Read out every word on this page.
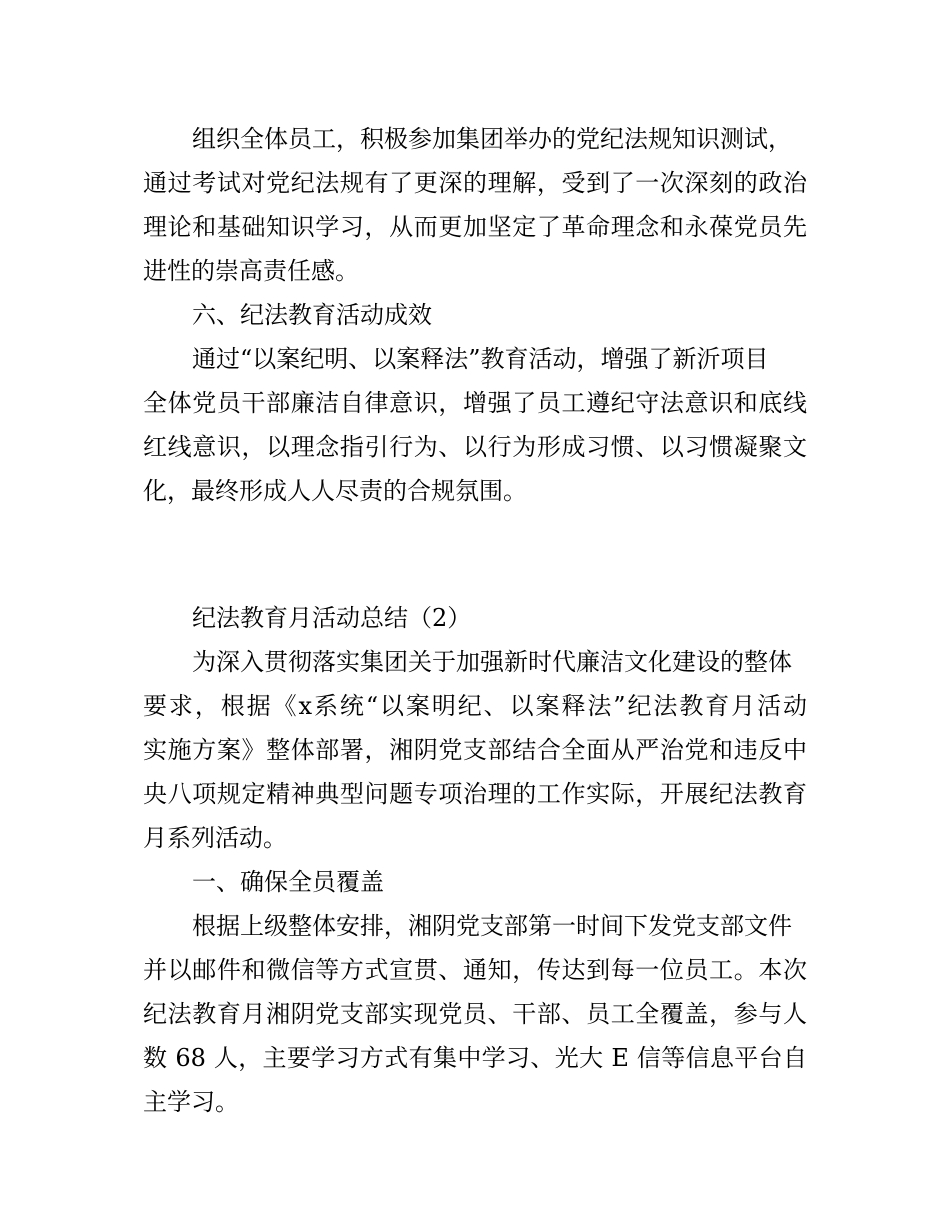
组织全体员工，积极参加集团举办的党纪法规知识测试，

通过考试对党纪法规有了更深的理解，受到了一次深刻的政治

理论和基础知识学习，从而更加坚定了革命理念和永葆党员先

进性的崇高责任感。

六、纪法教育活动成效

通过“以案纪明、以案释法”教育活动，增强了新沂项目

全体党员干部廉洁自律意识，增强了员工遵纪守法意识和底线

红线意识，以理念指引行为、以行为形成习惯、以习惯凝聚文

化，最终形成人人尽责的合规氛围。

纪法教育月活动总结（2）

为深入贯彻落实集团关于加强新时代廉洁文化建设的整体

要求，根据《x系统“以案明纪、以案释法”纪法教育月活动

实施方案》整体部署，湘阴党支部结合全面从严治党和违反中

央八项规定精神典型问题专项治理的工作实际，开展纪法教育

月系列活动。

一、确保全员覆盖

根据上级整体安排，湘阴党支部第一时间下发党支部文件

并以邮件和微信等方式宣贯、通知，传达到每一位员工。本次

纪法教育月湘阴党支部实现党员、干部、员工全覆盖，参与人

数 68 人，主要学习方式有集中学习、光大 E 信等信息平台自

主学习。
